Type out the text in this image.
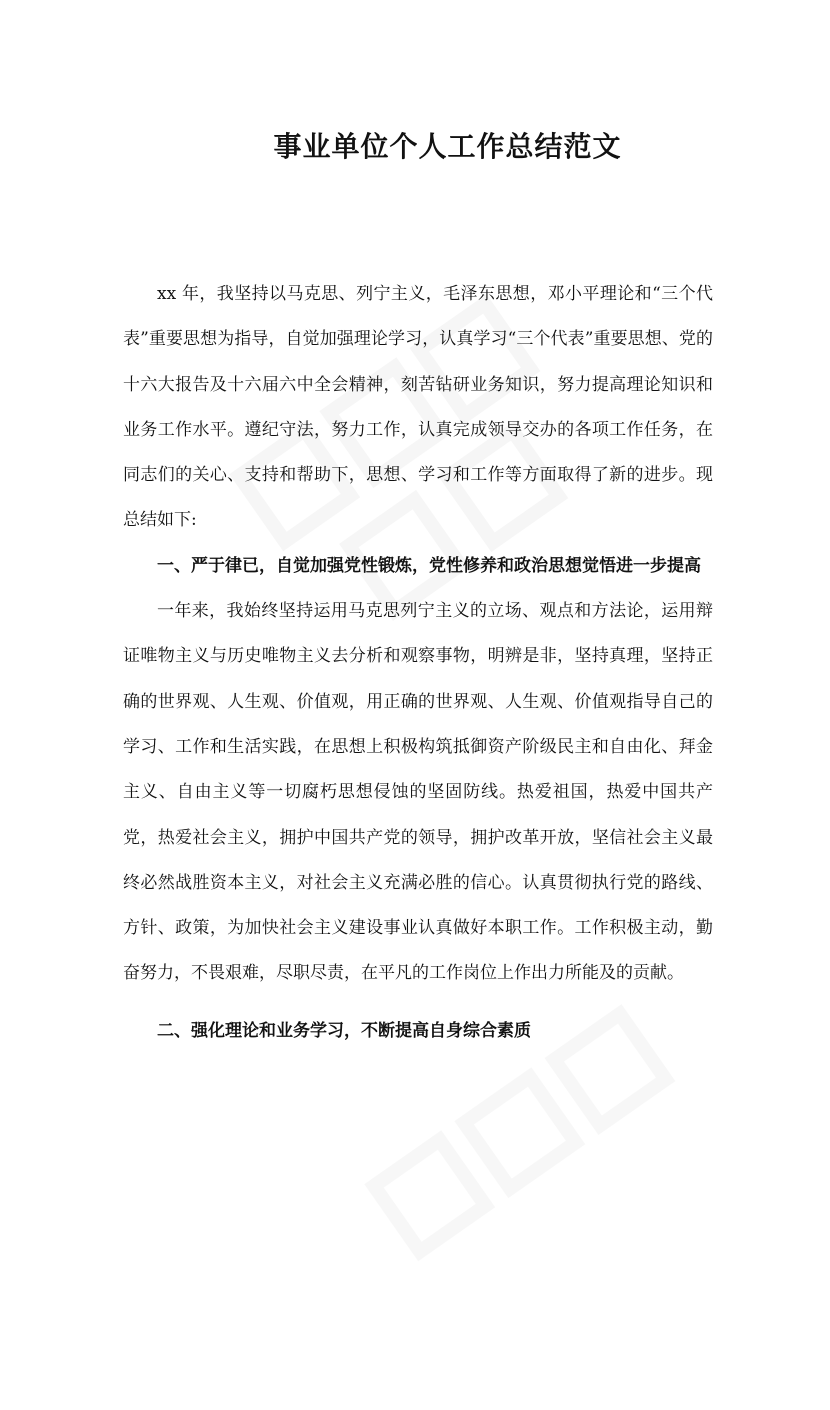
事业单位个人工作总结范文

xx 年，我坚持以马克思、列宁主义，毛泽东思想，邓小平理论和“三个代表”重要思想为指导，自觉加强理论学习，认真学习“三个代表”重要思想、党的十六大报告及十六届六中全会精神，刻苦钻研业务知识，努力提高理论知识和业务工作水平。遵纪守法，努力工作，认真完成领导交办的各项工作任务，在同志们的关心、支持和帮助下，思想、学习和工作等方面取得了新的进步。现总结如下:

一、严于律已，自觉加强党性锻炼，党性修养和政治思想觉悟进一步提高

一年来，我始终坚持运用马克思列宁主义的立场、观点和方法论，运用辩证唯物主义与历史唯物主义去分析和观察事物，明辨是非，坚持真理，坚持正确的世界观、人生观、价值观，用正确的世界观、人生观、价值观指导自己的学习、工作和生活实践，在思想上积极构筑抵御资产阶级民主和自由化、拜金主义、自由主义等一切腐朽思想侵蚀的坚固防线。热爱祖国，热爱中国共产党，热爱社会主义，拥护中国共产党的领导，拥护改革开放，坚信社会主义最终必然战胜资本主义，对社会主义充满必胜的信心。认真贯彻执行党的路线、方针、政策，为加快社会主义建设事业认真做好本职工作。工作积极主动，勤奋努力，不畏艰难，尽职尽责，在平凡的工作岗位上作出力所能及的贡献。

二、强化理论和业务学习，不断提高自身综合素质
